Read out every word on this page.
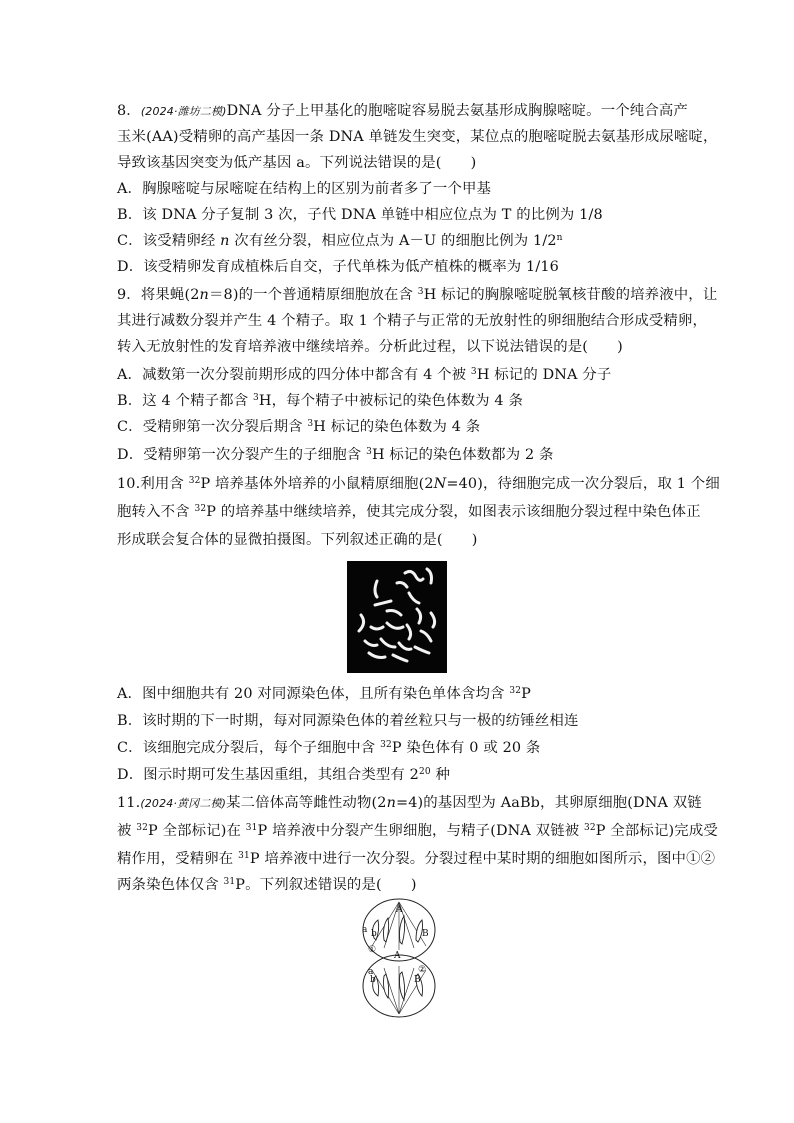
8．(2024·潍坊二模)DNA 分子上甲基化的胞嘧啶容易脱去氨基形成胸腺嘧啶。一个纯合高产
玉米(AA)受精卵的高产基因一条 DNA 单链发生突变，某位点的胞嘧啶脱去氨基形成尿嘧啶，
导致该基因突变为低产基因 a。下列说法错误的是(　　)
A．胸腺嘧啶与尿嘧啶在结构上的区别为前者多了一个甲基
B．该 DNA 分子复制 3 次，子代 DNA 单链中相应位点为 T 的比例为 1/8
C．该受精卵经 n 次有丝分裂，相应位点为 A－U 的细胞比例为 1/2$^n$
D．该受精卵发育成植株后自交，子代单株为低产植株的概率为 1/16
9．将果蝇(2n＝8)的一个普通精原细胞放在含 $^3$H 标记的胸腺嘧啶脱氧核苷酸的培养液中，让
其进行减数分裂并产生 4 个精子。取 1 个精子与正常的无放射性的卵细胞结合形成受精卵，
转入无放射性的发育培养液中继续培养。分析此过程，以下说法错误的是(　　)
A．减数第一次分裂前期形成的四分体中都含有 4 个被 $^3$H 标记的 DNA 分子
B．这 4 个精子都含 $^3$H，每个精子中被标记的染色体数为 4 条
C．受精卵第一次分裂后期含 $^3$H 标记的染色体数为 4 条
D．受精卵第一次分裂产生的子细胞含 $^3$H 标记的染色体数都为 2 条
10.利用含 $^{32}$P 培养基体外培养的小鼠精原细胞(2N=40)，待细胞完成一次分裂后，取 1 个细
胞转入不含 $^{32}$P 的培养基中继续培养，使其完成分裂，如图表示该细胞分裂过程中染色体正
形成联会复合体的显微拍摄图。下列叙述正确的是(　　)
A．图中细胞共有 20 对同源染色体，且所有染色单体含均含 $^{32}$P
B．该时期的下一时期，每对同源染色体的着丝粒只与一极的纺锤丝相连
C．该细胞完成分裂后，每个子细胞中含 $^{32}$P 染色体有 0 或 20 条
D．图示时期可发生基因重组，其组合类型有 $2^{20}$ 种
11.(2024·黄冈二模)某二倍体高等雌性动物(2n=4)的基因型为 AaBb，其卵原细胞(DNA 双链
被 $^{32}$P 全部标记)在 $^{31}$P 培养液中分裂产生卵细胞，与精子(DNA 双链被 $^{32}$P 全部标记)完成受
精作用，受精卵在 $^{31}$P 培养液中进行一次分裂。分裂过程中某时期的细胞如图所示，图中①②
两条染色体仅含 $^{31}$P。下列叙述错误的是(　　)
A
a b	B
①
A
a
b	B
②
